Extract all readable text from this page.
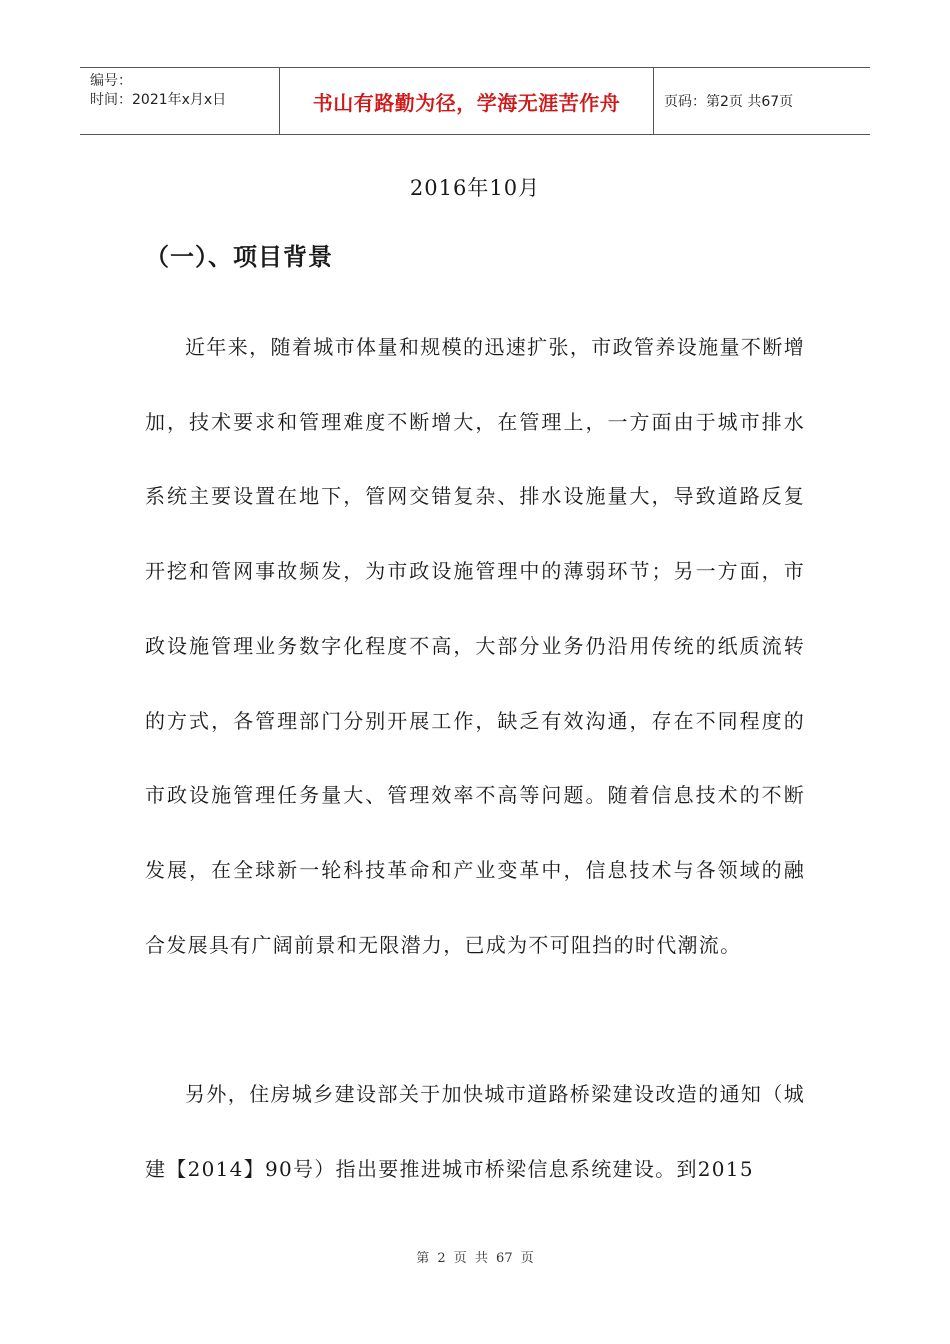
编号：
时间：2021年x月x日	书山有路勤为径，学海无涯苦作舟	页码：第2页 共67页
2016年10月
（一）、项目背景

近年来，随着城市体量和规模的迅速扩张，市政管养设施量不断增加，技术要求和管理难度不断增大，在管理上，一方面由于城市排水系统主要设置在地下，管网交错复杂、排水设施量大，导致道路反复开挖和管网事故频发，为市政设施管理中的薄弱环节；另一方面，市政设施管理业务数字化程度不高，大部分业务仍沿用传统的纸质流转的方式，各管理部门分别开展工作，缺乏有效沟通，存在不同程度的市政设施管理任务量大、管理效率不高等问题。随着信息技术的不断发展，在全球新一轮科技革命和产业变革中，信息技术与各领域的融合发展具有广阔前景和无限潜力，已成为不可阻挡的时代潮流。

另外，住房城乡建设部关于加快城市道路桥梁建设改造的通知（城建【2014】90号）指出要推进城市桥梁信息系统建设。到2015

第 2 页 共 67 页
